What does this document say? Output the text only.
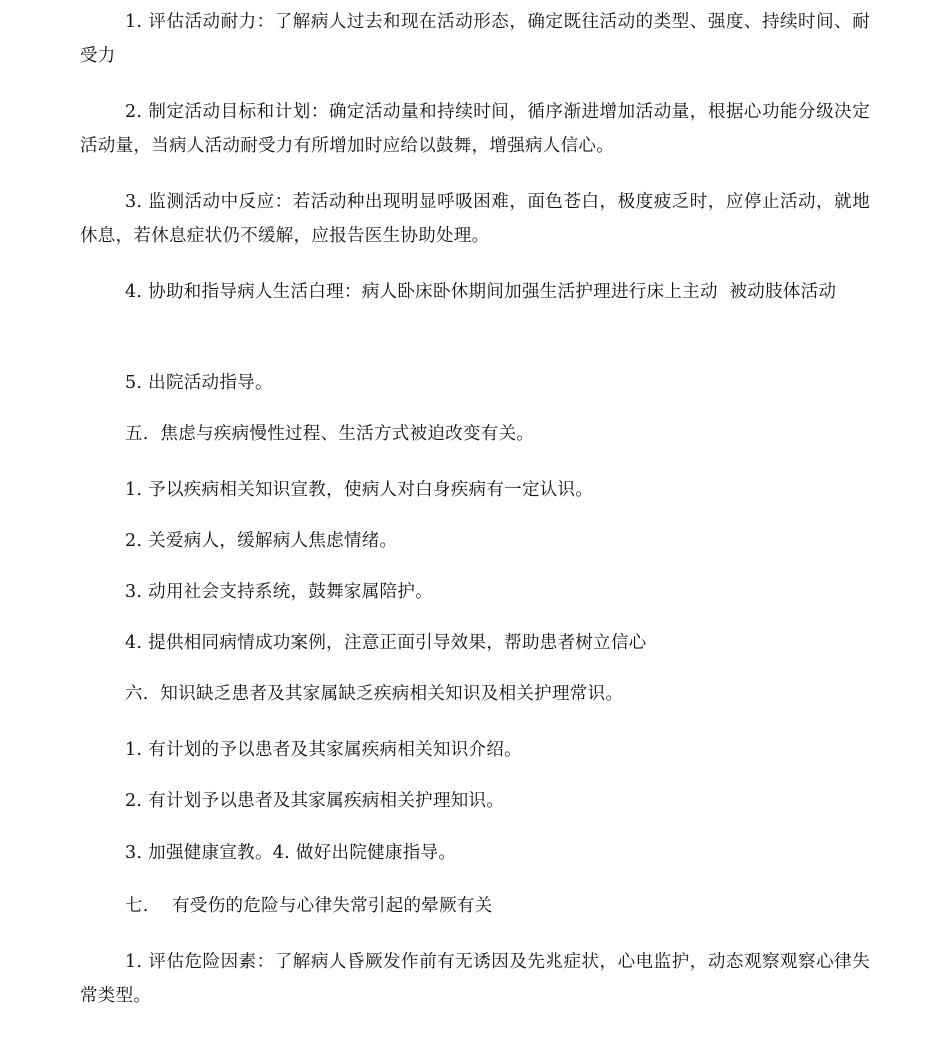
1. 评估活动耐力：了解病人过去和现在活动形态，确定既往活动的类型、强度、持续时间、耐受力

2. 制定活动目标和计划：确定活动量和持续时间，循序渐进增加活动量，根据心功能分级决定活动量，当病人活动耐受力有所增加时应给以鼓舞，增强病人信心。

3. 监测活动中反应：若活动种出现明显呼吸困难，面色苍白，极度疲乏时，应停止活动，就地休息，若休息症状仍不缓解，应报告医生协助处理。

4. 协助和指导病人生活白理：病人卧床卧休期间加强生活护理进行床上主动  被动肢体活动

5. 出院活动指导。

五.  焦虑与疾病慢性过程、生活方式被迫改变有关。

1. 予以疾病相关知识宣教，使病人对白身疾病有一定认识。

2. 关爱病人，缓解病人焦虑情绪。

3. 动用社会支持系统，鼓舞家属陪护。

4. 提供相同病情成功案例，注意正面引导效果，帮助患者树立信心

六.  知识缺乏患者及其家属缺乏疾病相关知识及相关护理常识。

1. 有计划的予以患者及其家属疾病相关知识介绍。

2. 有计划予以患者及其家属疾病相关护理知识。

3. 加强健康宣教。4. 做好出院健康指导。

七.    有受伤的危险与心律失常引起的晕厥有关

1. 评估危险因素：了解病人昏厥发作前有无诱因及先兆症状，心电监护，动态观察观察心律失常类型。
